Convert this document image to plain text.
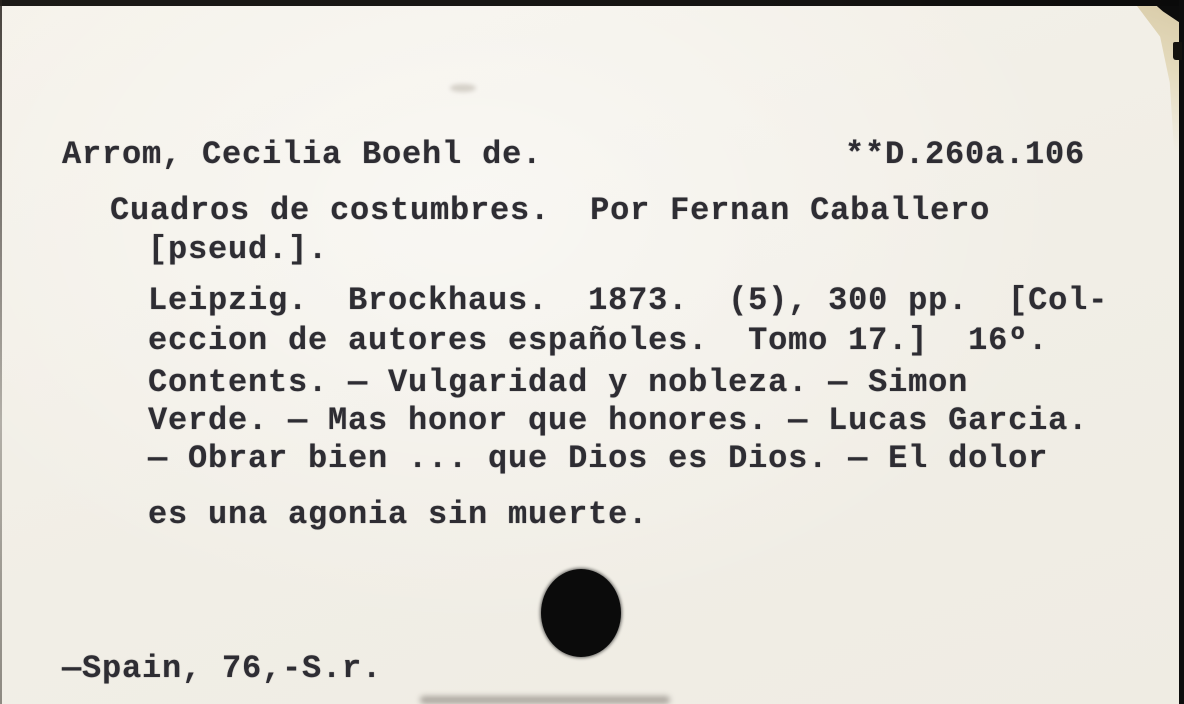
Arrom, Cecilia Boehl de.	**D.260a.106
Cuadros de costumbres.  Por Fernan Caballero
[pseud.].
Leipzig.  Brockhaus.  1873.  (5), 300 pp.  [Col-
eccion de autores españoles.  Tomo 17.]  16º.
Contents. — Vulgaridad y nobleza. — Simon
Verde. — Mas honor que honores. — Lucas Garcia.
— Obrar bien ... que Dios es Dios. — El dolor
es una agonia sin muerte.
—Spain, 76,-S.r.
